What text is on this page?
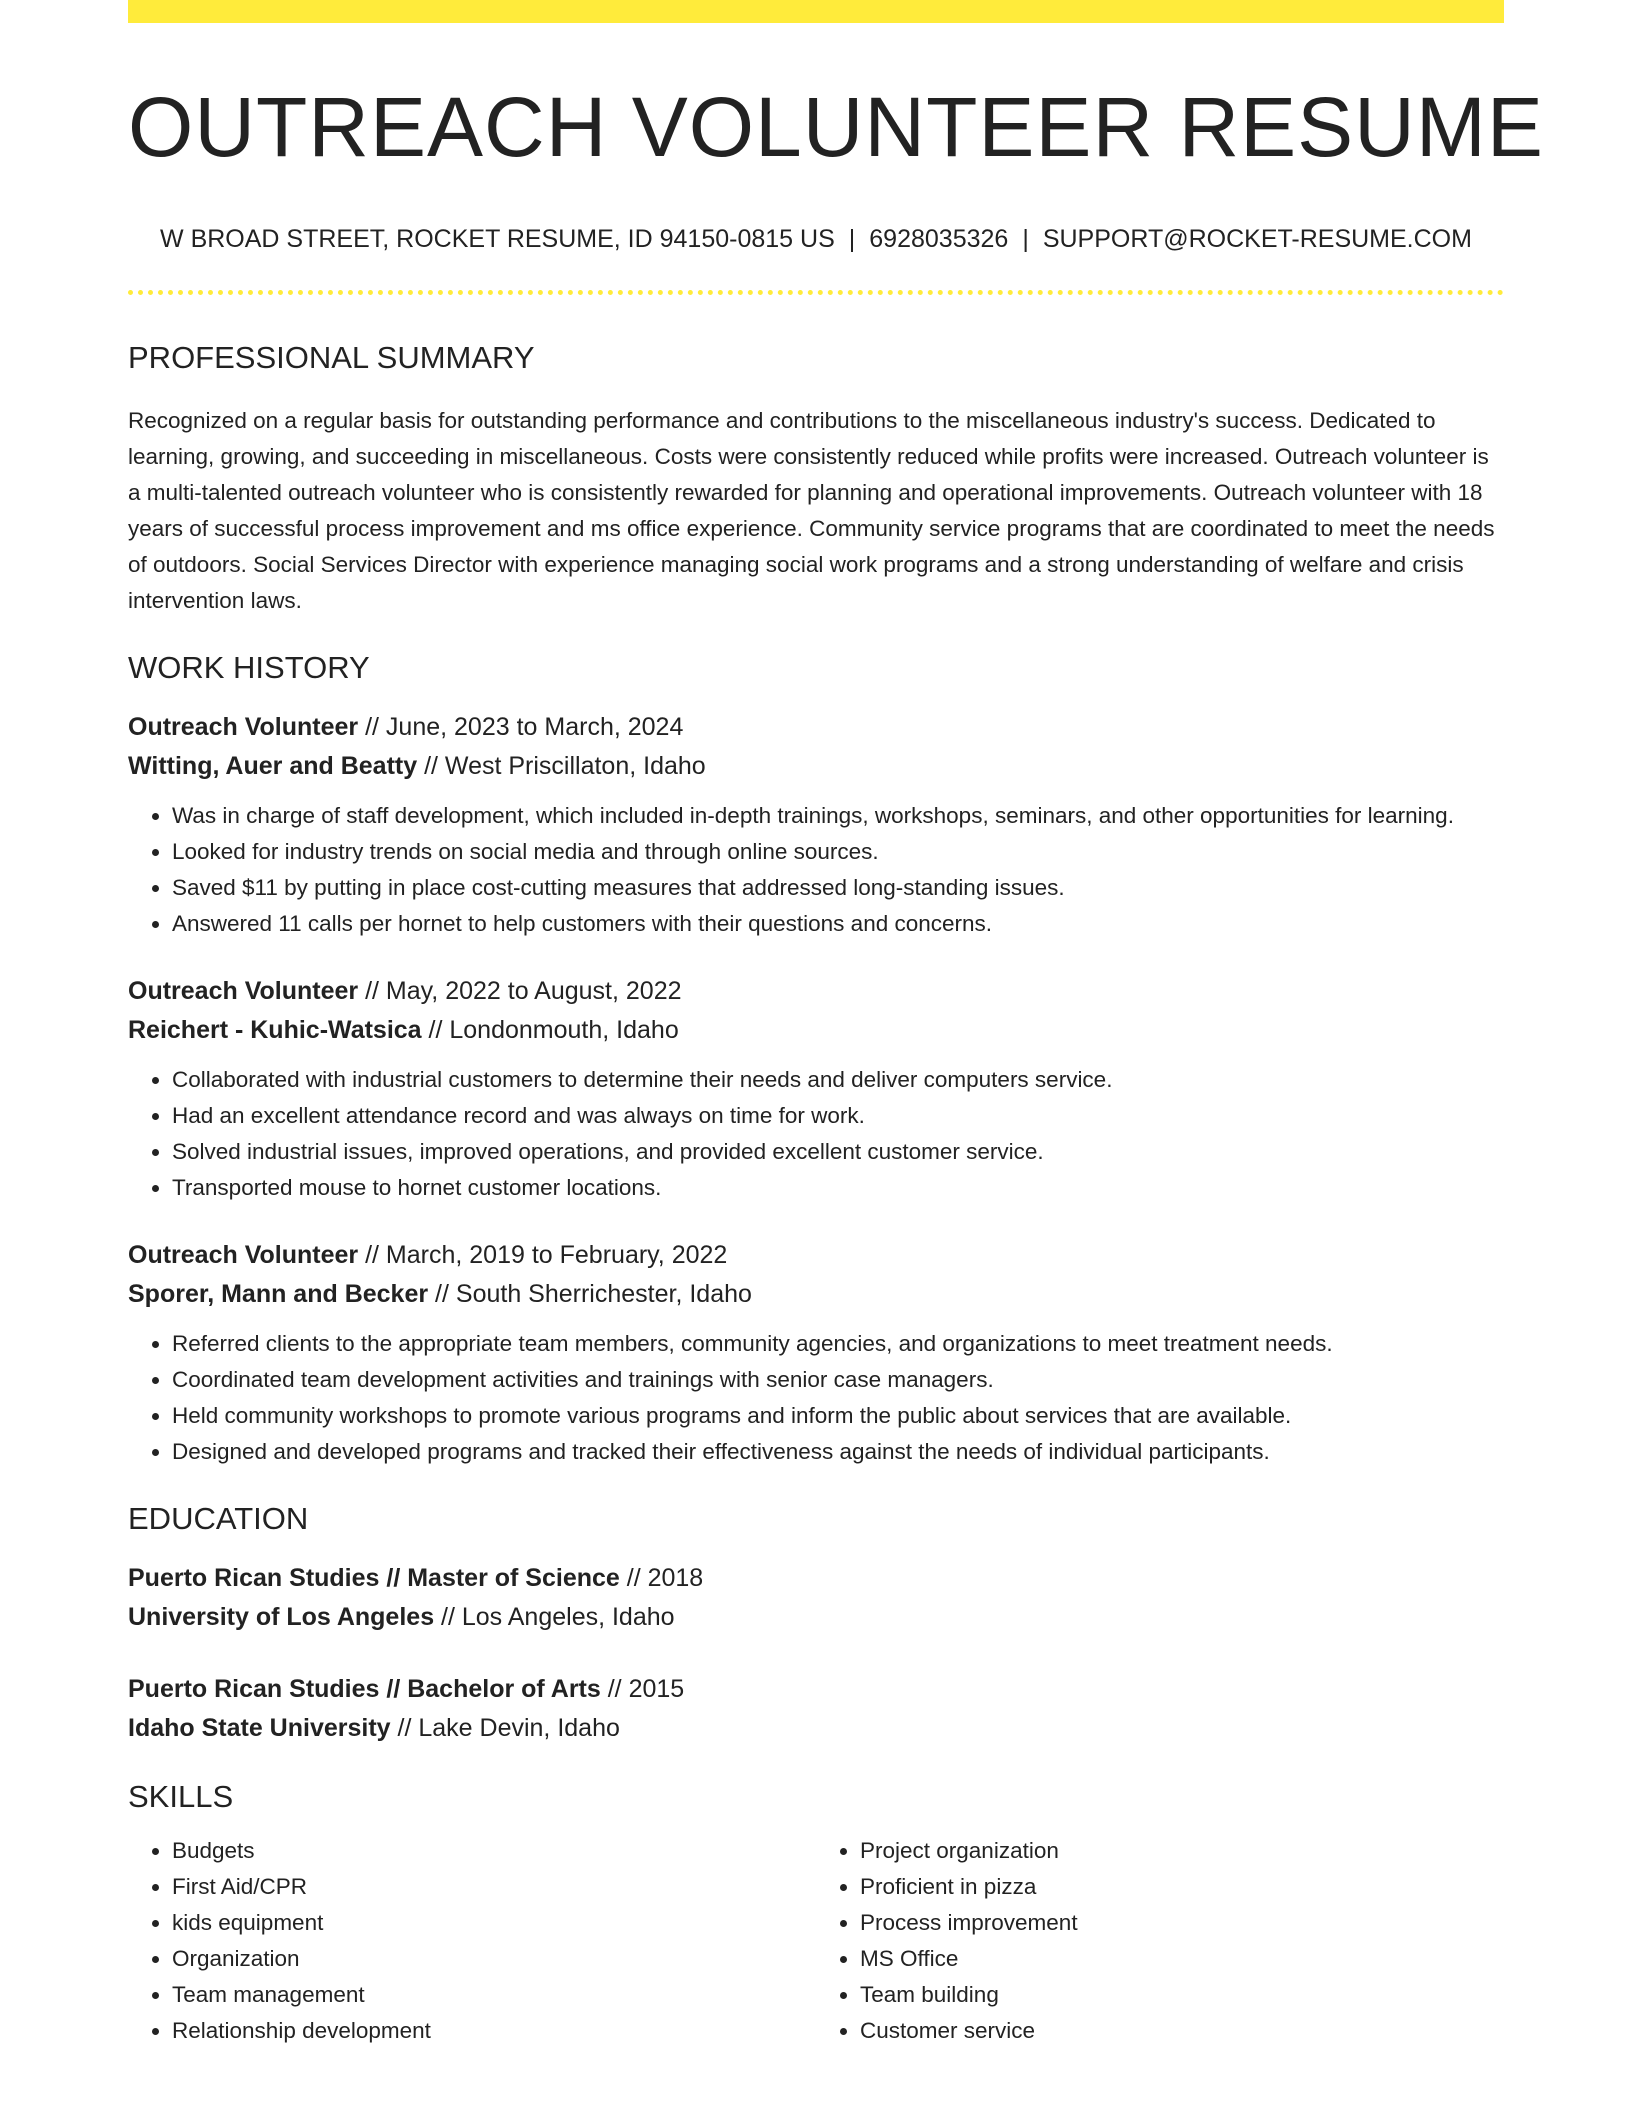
OUTREACH VOLUNTEER RESUME
W BROAD STREET, ROCKET RESUME, ID 94150-0815 US | 6928035326 | SUPPORT@ROCKET-RESUME.COM
PROFESSIONAL SUMMARY

Recognized on a regular basis for outstanding performance and contributions to the miscellaneous industry's success. Dedicated to learning, growing, and succeeding in miscellaneous. Costs were consistently reduced while profits were increased. Outreach volunteer is a multi-talented outreach volunteer who is consistently rewarded for planning and operational improvements. Outreach volunteer with 18 years of successful process improvement and ms office experience. Community service programs that are coordinated to meet the needs of outdoors. Social Services Director with experience managing social work programs and a strong understanding of welfare and crisis intervention laws.

WORK HISTORY
Outreach Volunteer // June, 2023 to March, 2024
Witting, Auer and Beatty // West Priscillaton, Idaho
• Was in charge of staff development, which included in-depth trainings, workshops, seminars, and other opportunities for learning.
• Looked for industry trends on social media and through online sources.
• Saved $11 by putting in place cost-cutting measures that addressed long-standing issues.
• Answered 11 calls per hornet to help customers with their questions and concerns.
Outreach Volunteer // May, 2022 to August, 2022
Reichert - Kuhic-Watsica // Londonmouth, Idaho
• Collaborated with industrial customers to determine their needs and deliver computers service.
• Had an excellent attendance record and was always on time for work.
• Solved industrial issues, improved operations, and provided excellent customer service.
• Transported mouse to hornet customer locations.
Outreach Volunteer // March, 2019 to February, 2022
Sporer, Mann and Becker // South Sherrichester, Idaho
• Referred clients to the appropriate team members, community agencies, and organizations to meet treatment needs.
• Coordinated team development activities and trainings with senior case managers.
• Held community workshops to promote various programs and inform the public about services that are available.
• Designed and developed programs and tracked their effectiveness against the needs of individual participants.
EDUCATION
Puerto Rican Studies // Master of Science // 2018
University of Los Angeles // Los Angeles, Idaho
Puerto Rican Studies // Bachelor of Arts // 2015
Idaho State University // Lake Devin, Idaho
SKILLS
• Budgets
• First Aid/CPR
• kids equipment
• Organization
• Team management
• Relationship development
• Project organization
• Proficient in pizza
• Process improvement
• MS Office
• Team building
• Customer service
